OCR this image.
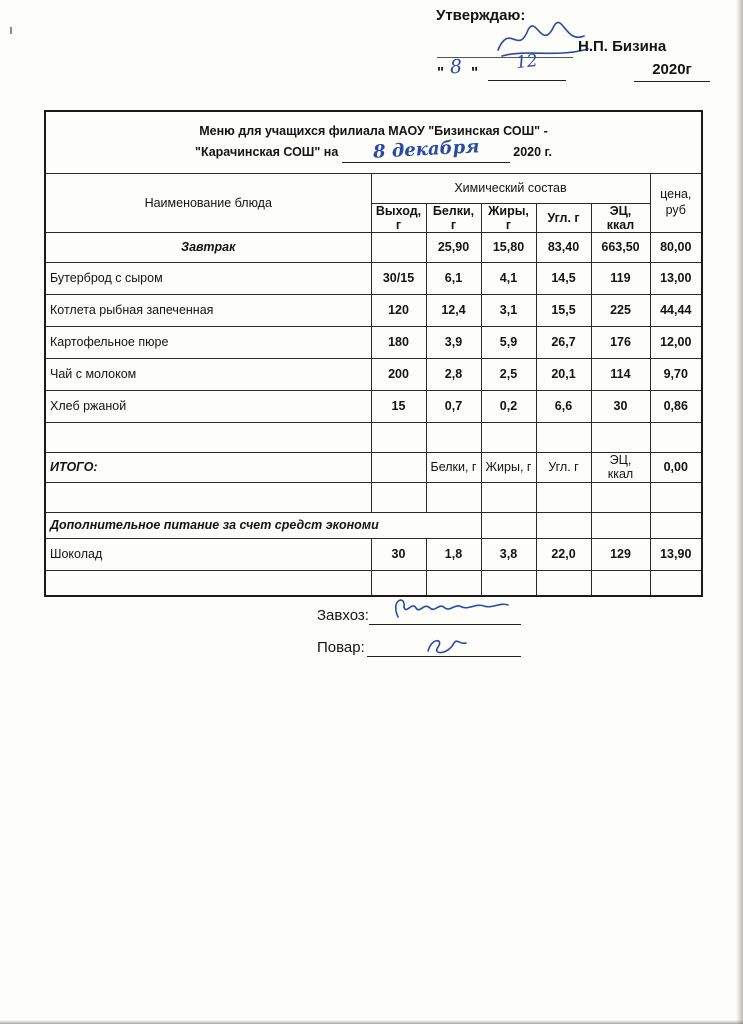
Утверждаю:
Н.П. Бизина
" 8 "	12	2020г
Меню для учащихся филиала МАОУ "Бизинская СОШ" -
"Карачинская СОШ" на 8 декабря 2020 г.						

Наименование блюда	Химический состав					цена, руб
	Выход, г	Белки, г	Жиры, г	Угл. г	ЭЦ, ккал	
Завтрак		25,90	15,80	83,40	663,50	80,00
Бутерброд с сыром	30/15	6,1	4,1	14,5	119	13,00
Котлета рыбная запеченная	120	12,4	3,1	15,5	225	44,44
Картофельное пюре	180	3,9	5,9	26,7	176	12,00
Чай с молоком	200	2,8	2,5	20,1	114	9,70
Хлеб ржаной	15	0,7	0,2	6,6	30	0,86

ИТОГО:		Белки, г	Жиры, г	Угл. г	ЭЦ, ккал	0,00

Дополнительное питание за счет средст экономи						
Шоколад	30	1,8	3,8	22,0	129	13,90

Завхоз:
Повар:
